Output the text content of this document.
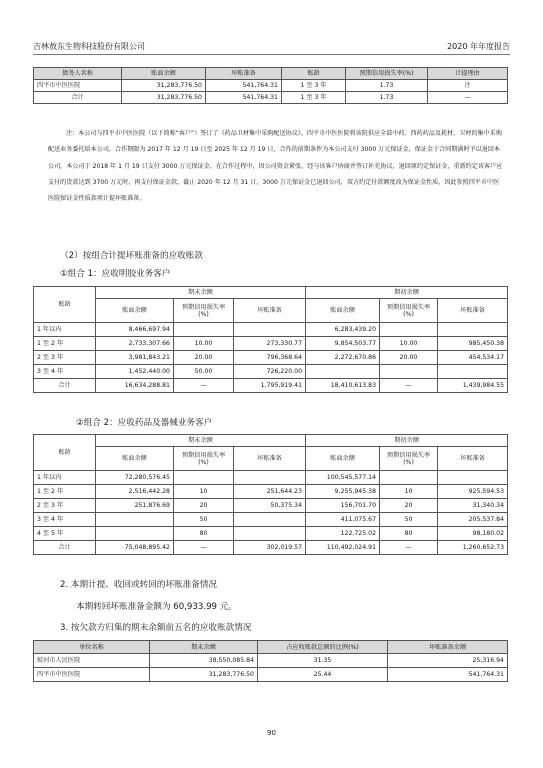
吉林敖东生物科技股份有限公司	2020 年年度报告
债务人名称	账面余额	坏账准备	账龄	预期信用损失率(%)	计提理由
四平市中医医院	31,283,776.50	541,764.31	1 至 3 年	1.73	注
合计	31,283,776.50	541,764.31	1 至 3 年	1.73	—
注：本公司与四平市中医医院（以下简称“客户”）签订了《药品卫材集中采购配送协议》，四平市中医医院将该院供应全部中药、西药药品及耗材、卫材的集中采购配送业务委托给本公司，合作期限为 2017 年 12 月 19 日至 2025 年 12 月 19 日，合作的前期条件为本公司支付 3000 万元保证金，保证金于合同期满时予以退回本公司。本公司于 2018 年 1 月 19 日支付 3000 万元保证金，在合作过程中，因公司资金紧张，经与该客户协商并签订补充协议，退回原约定保证金，重新约定该客户应支付的货款达到 3700 万元时，再支付保证金款。截止 2020 年 12 月 31 日，3000 万元保证金已退回公司，双方约定付款额度改为保证金性质，因此参照四平市中医医院保证金性质款项计提坏账准备。
（2）按组合计提坏账准备的应收账款
①组合 1：应收明胶业务客户
账龄	期末余额			期初余额		
	账面余额	预期信用损失率(%)	坏账准备	账面余额	预期信用损失率(%)	坏账准备
1 年以内	8,466,697.94			6,283,439.20		
1 至 2 年	2,733,307.66	10.00	273,330.77	9,854,503.77	10.00	985,450.38
2 至 3 年	3,981,843.21	20.00	796,368.64	2,272,670.86	20.00	454,534.17
3 至 4 年	1,452,440.00	50.00	726,220.00			
合计	16,634,288.81	—	1,795,919.41	18,410,613.83	—	1,439,984.55
②组合 2：应收药品及器械业务客户
账龄	期末余额			期初余额		
	账面余额	预期信用损失率(%)	坏账准备	账面余额	预期信用损失率(%)	坏账准备
1 年以内	72,280,576.45			100,545,577.14		
1 至 2 年	2,516,442.28	10	251,644.23	9,255,945.38	10	925,594.53
2 至 3 年	251,876.69	20	50,375.34	156,701.70	20	31,340.34
3 至 4 年		50		411,075.67	50	205,537.84
4 至 5 年		80		122,725.02	80	98,180.02
合计	75,048,895.42	—	302,019.57	110,492,024.91	—	1,260,652.73
2. 本期计提、收回或转回的坏账准备情况
本期转回坏账准备金额为 60,933.99 元。
3. 按欠款方归集的期末余额前五名的应收账款情况
单位名称	期末余额	占应收账款总额的比例(%)	坏账准备余额
蛟河市人民医院	38,550,085.84	31.35	25,316.94
四平市中医医院	31,283,776.50	25.44	541,764.31
90
